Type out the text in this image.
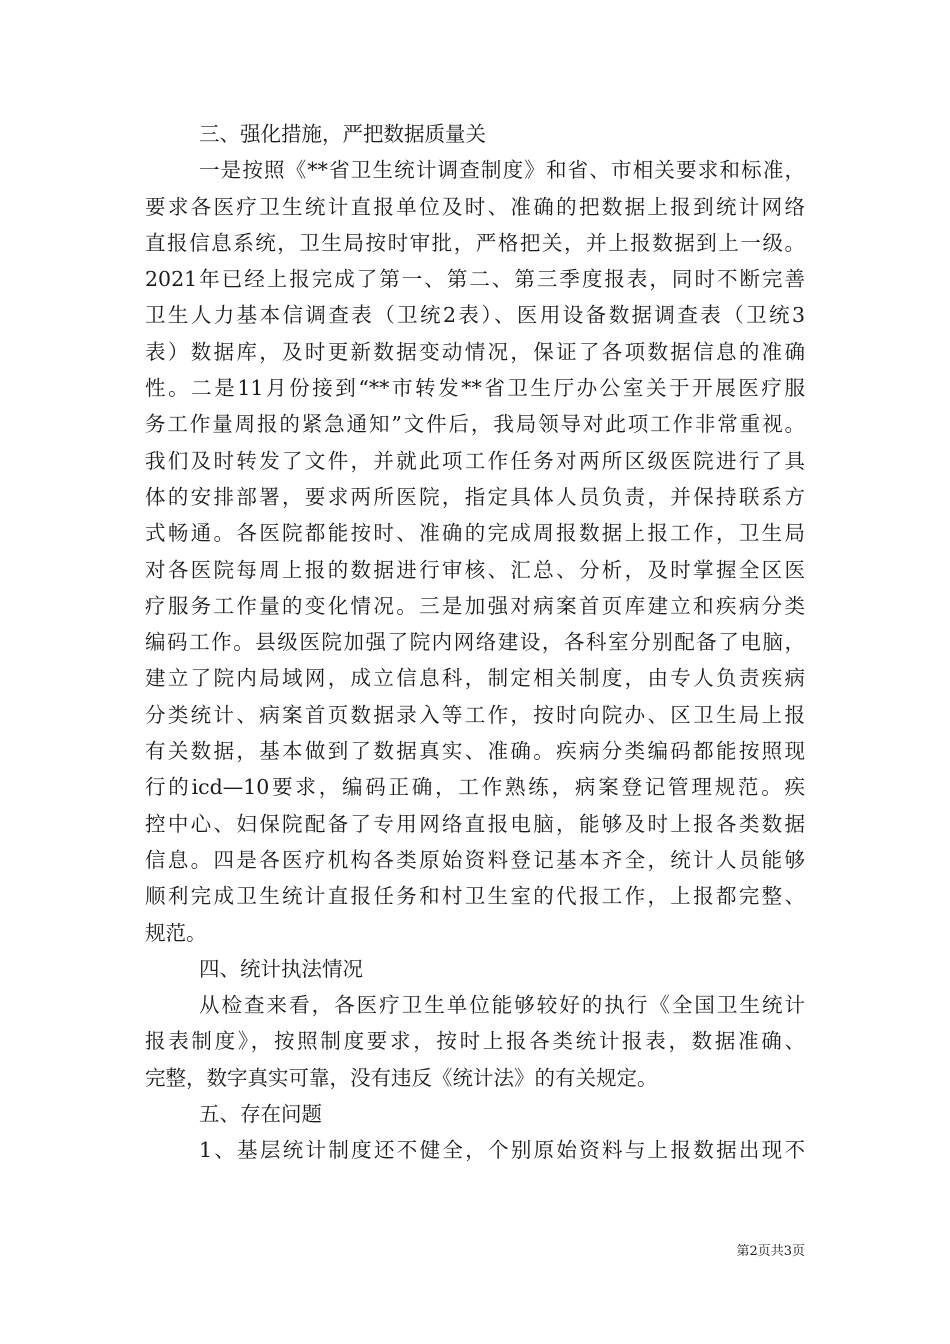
三、强化措施，严把数据质量关
一是按照《**省卫生统计调查制度》和省、市相关要求和标准，
要求各医疗卫生统计直报单位及时、准确的把数据上报到统计网络
直报信息系统，卫生局按时审批，严格把关，并上报数据到上一级。
2021年已经上报完成了第一、第二、第三季度报表，同时不断完善
卫生人力基本信调查表（卫统2表）、医用设备数据调查表（卫统3
表）数据库，及时更新数据变动情况，保证了各项数据信息的准确
性。二是11月份接到“**市转发**省卫生厅办公室关于开展医疗服
务工作量周报的紧急通知”文件后，我局领导对此项工作非常重视。
我们及时转发了文件，并就此项工作任务对两所区级医院进行了具
体的安排部署，要求两所医院，指定具体人员负责，并保持联系方
式畅通。各医院都能按时、准确的完成周报数据上报工作，卫生局
对各医院每周上报的数据进行审核、汇总、分析，及时掌握全区医
疗服务工作量的变化情况。三是加强对病案首页库建立和疾病分类
编码工作。县级医院加强了院内网络建设，各科室分别配备了电脑，
建立了院内局域网，成立信息科，制定相关制度，由专人负责疾病
分类统计、病案首页数据录入等工作，按时向院办、区卫生局上报
有关数据，基本做到了数据真实、准确。疾病分类编码都能按照现
行的icd—10要求，编码正确，工作熟练，病案登记管理规范。疾
控中心、妇保院配备了专用网络直报电脑，能够及时上报各类数据
信息。四是各医疗机构各类原始资料登记基本齐全，统计人员能够
顺利完成卫生统计直报任务和村卫生室的代报工作，上报都完整、
规范。
四、统计执法情况
从检查来看，各医疗卫生单位能够较好的执行《全国卫生统计
报表制度》，按照制度要求，按时上报各类统计报表，数据准确、
完整，数字真实可靠，没有违反《统计法》的有关规定。
五、存在问题
1、基层统计制度还不健全，个别原始资料与上报数据出现不
第2页共3页
